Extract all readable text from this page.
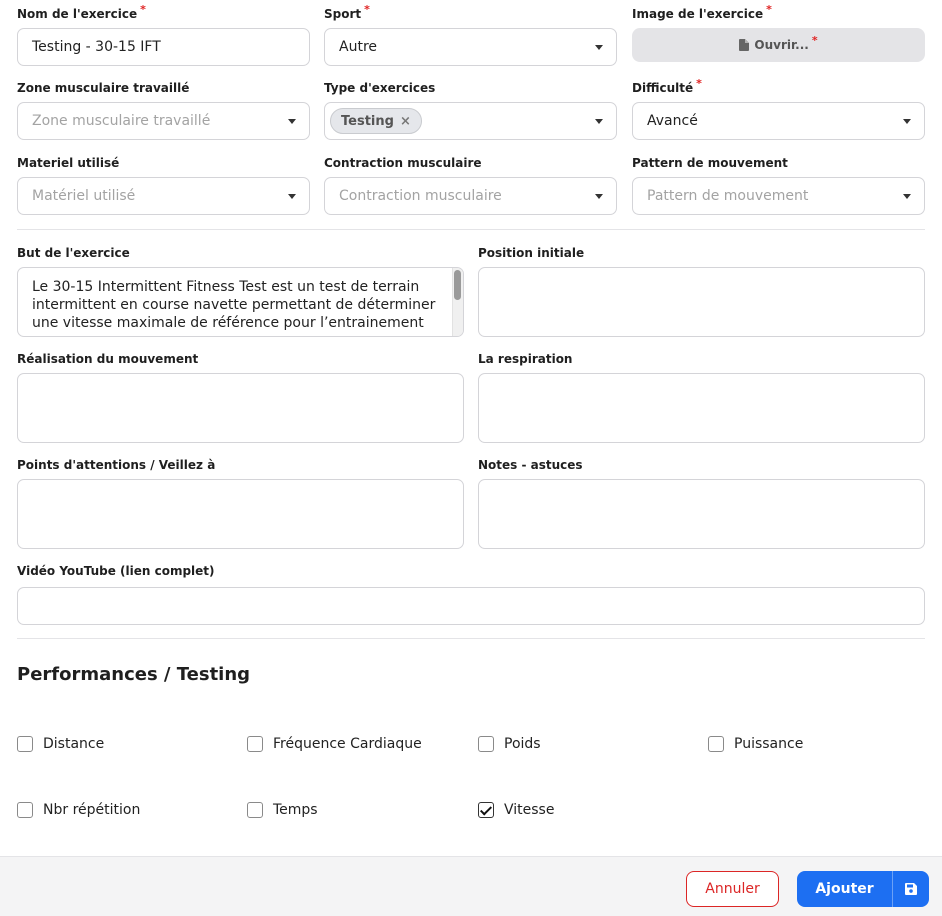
Nom de l'exercice *
Testing - 30-15 IFT
Sport *
Autre
Image de l'exercice *
Ouvrir... *
Zone musculaire travaillé
Zone musculaire travaillé
Type d'exercices
Testing ×
Difficulté *
Avancé
Materiel utilisé
Matériel utilisé
Contraction musculaire
Contraction musculaire
Pattern de mouvement
Pattern de mouvement
But de l'exercice
Le 30-15 Intermittent Fitness Test est un test de terrain intermittent en course navette permettant de déterminer une vitesse maximale de référence pour l’entrainement
Position initiale
Réalisation du mouvement	La respiration
Points d'attentions / Veillez à	Notes - astuces
Vidéo YouTube (lien complet)
Performances / Testing
Distance	Fréquence Cardiaque	Poids	Puissance
Nbr répétition	Temps	Vitesse
Annuler	Ajouter
